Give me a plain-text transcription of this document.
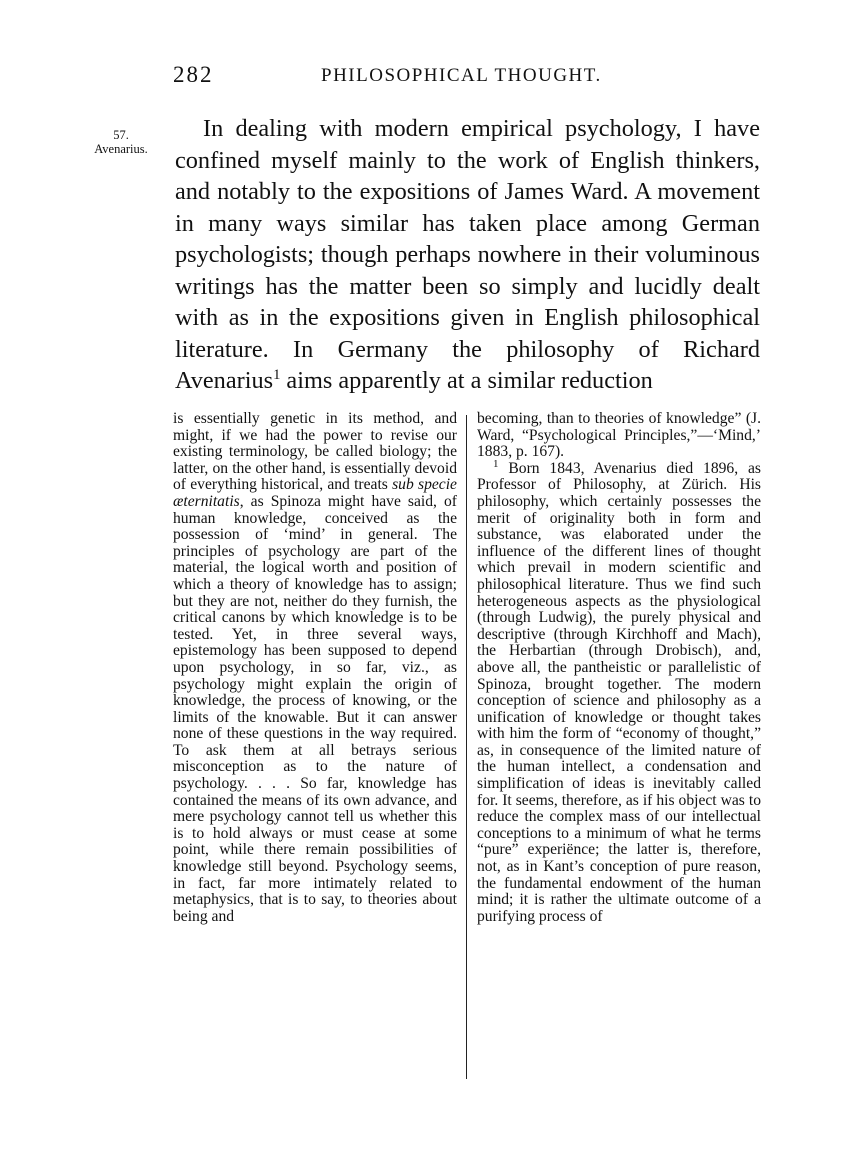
282	PHILOSOPHICAL THOUGHT.
57.
Avenarius.

In dealing with modern empirical psychology, I have confined myself mainly to the work of English thinkers, and notably to the expositions of James Ward. A movement in many ways similar has taken place among German psychologists; though perhaps nowhere in their voluminous writings has the matter been so simply and lucidly dealt with as in the expositions given in English philosophical literature. In Germany the philosophy of Richard Avenarius$^1$ aims apparently at a similar reduction

is essentially genetic in its method, and might, if we had the power to revise our existing terminology, be called biology; the latter, on the other hand, is essentially devoid of everything historical, and treats sub specie æternitatis, as Spinoza might have said, of human knowledge, conceived as the possession of ‘mind’ in general. The principles of psychology are part of the material, the logical worth and position of which a theory of knowledge has to assign; but they are not, neither do they furnish, the critical canons by which knowledge is to be tested. Yet, in three several ways, epistemology has been supposed to depend upon psychology, in so far, viz., as psychology might explain the origin of knowledge, the process of knowing, or the limits of the knowable. But it can answer none of these questions in the way required. To ask them at all betrays serious misconception as to the nature of psychology. . . . So far, knowledge has contained the means of its own advance, and mere psychology cannot tell us whether this is to hold always or must cease at some point, while there remain possibilities of knowledge still beyond. Psychology seems, in fact, far more intimately related to metaphysics, that is to say, to theories about being and

becoming, than to theories of knowledge” (J. Ward, “Psychological Principles,”—‘Mind,’ 1883, p. 167).

$^1$ Born 1843, Avenarius died 1896, as Professor of Philosophy, at Zürich. His philosophy, which certainly possesses the merit of originality both in form and substance, was elaborated under the influence of the different lines of thought which prevail in modern scientific and philosophical literature. Thus we find such heterogeneous aspects as the physiological (through Ludwig), the purely physical and descriptive (through Kirchhoff and Mach), the Herbartian (through Drobisch), and, above all, the pantheistic or parallelistic of Spinoza, brought together. The modern conception of science and philosophy as a unification of knowledge or thought takes with him the form of “economy of thought,” as, in consequence of the limited nature of the human intellect, a condensation and simplification of ideas is inevitably called for. It seems, therefore, as if his object was to reduce the complex mass of our intellectual conceptions to a minimum of what he terms “pure” experiënce; the latter is, therefore, not, as in Kant’s conception of pure reason, the fundamental endowment of the human mind; it is rather the ultimate outcome of a purifying process of
